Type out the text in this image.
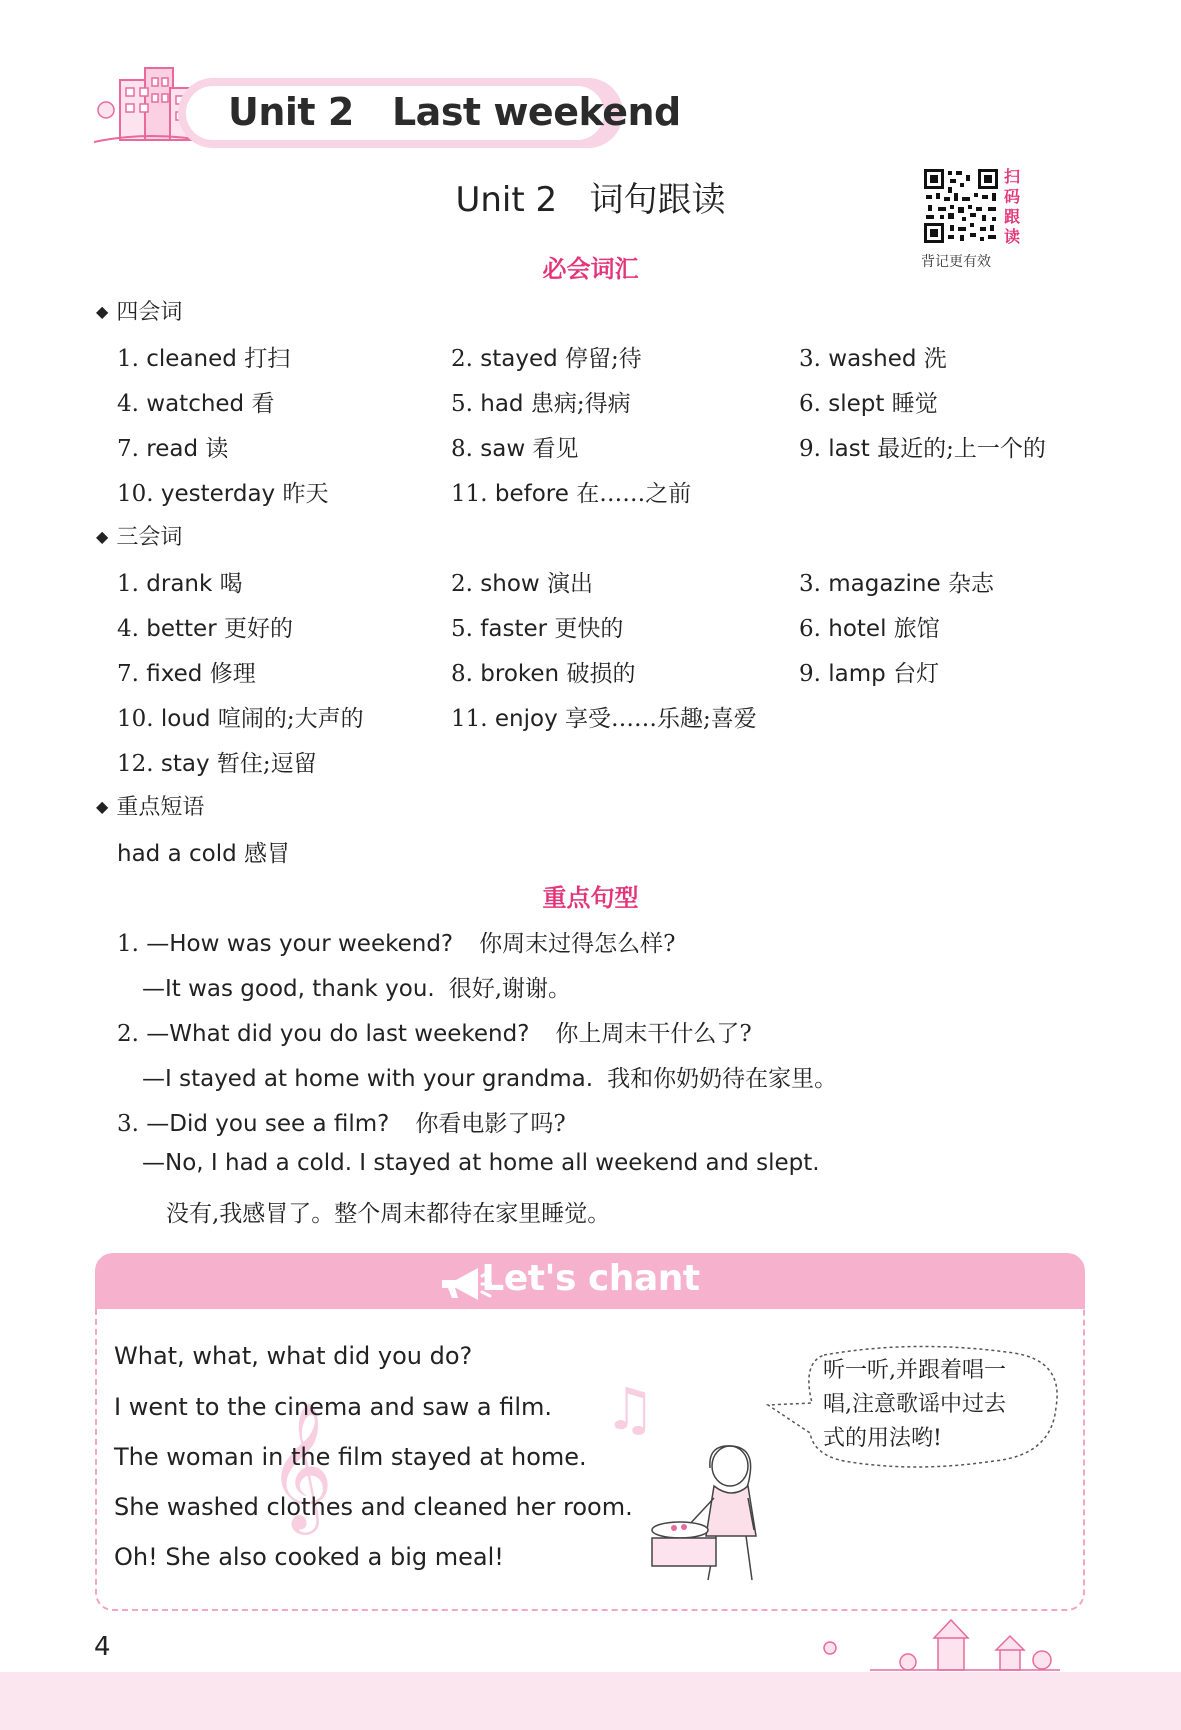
Unit 2   Last weekend
Unit 2   词句跟读
扫
码
跟
读
背记更有效
必会词汇
◆ 四会词
1. cleaned 打扫	2. stayed 停留;待	3. washed 洗
4. watched 看	5. had 患病;得病	6. slept 睡觉
7. read 读	8. saw 看见	9. last 最近的;上一个的
10. yesterday 昨天	11. before 在……之前
◆ 三会词
1. drank 喝	2. show 演出	3. magazine 杂志
4. better 更好的	5. faster 更快的	6. hotel 旅馆
7. fixed 修理	8. broken 破损的	9. lamp 台灯
10. loud 喧闹的;大声的	11. enjoy 享受……乐趣;喜爱
12. stay 暂住;逗留
◆ 重点短语
had a cold 感冒
重点句型
1. —How was your weekend? 你周末过得怎么样?
—It was good, thank you. 很好,谢谢。
2. —What did you do last weekend? 你上周末干什么了?
—I stayed at home with your grandma. 我和你奶奶待在家里。
3. —Did you see a film? 你看电影了吗?
—No, I had a cold. I stayed at home all weekend and slept.
没有,我感冒了。整个周末都待在家里睡觉。
Let's chant
𝄞	♫
What, what, what did you do?
I went to the cinema and saw a film.
The woman in the film stayed at home.
She washed clothes and cleaned her room.
Oh! She also cooked a big meal!
听一听,并跟着唱一
唱,注意歌谣中过去
式的用法哟!
4
